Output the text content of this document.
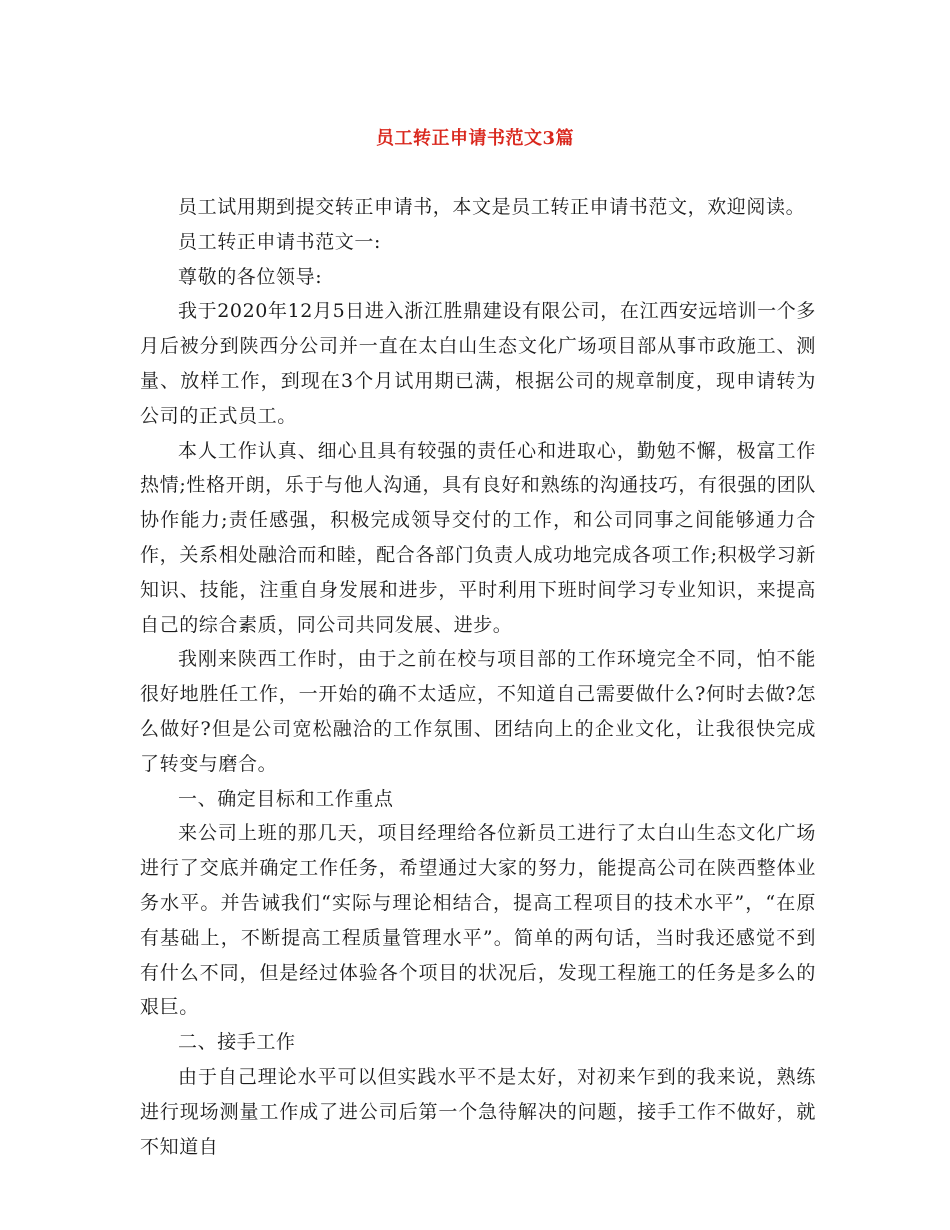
员工转正申请书范文3篇

员工试用期到提交转正申请书，本文是员工转正申请书范文，欢迎阅读。

员工转正申请书范文一:

尊敬的各位领导:

我于2020年12月5日进入浙江胜鼎建设有限公司，在江西安远培训一个多月后被分到陕西分公司并一直在太白山生态文化广场项目部从事市政施工、测量、放样工作，到现在3个月试用期已满，根据公司的规章制度，现申请转为公司的正式员工。

本人工作认真、细心且具有较强的责任心和进取心，勤勉不懈，极富工作热情;性格开朗，乐于与他人沟通，具有良好和熟练的沟通技巧，有很强的团队协作能力;责任感强，积极完成领导交付的工作，和公司同事之间能够通力合作，关系相处融洽而和睦，配合各部门负责人成功地完成各项工作;积极学习新知识、技能，注重自身发展和进步，平时利用下班时间学习专业知识，来提高自己的综合素质，同公司共同发展、进步。

我刚来陕西工作时，由于之前在校与项目部的工作环境完全不同，怕不能很好地胜任工作，一开始的确不太适应，不知道自己需要做什么?何时去做?怎么做好?但是公司宽松融洽的工作氛围、团结向上的企业文化，让我很快完成了转变与磨合。

一、确定目标和工作重点

来公司上班的那几天，项目经理给各位新员工进行了太白山生态文化广场进行了交底并确定工作任务，希望通过大家的努力，能提高公司在陕西整体业务水平。并告诫我们“实际与理论相结合，提高工程项目的技术水平”，“在原有基础上，不断提高工程质量管理水平”。简单的两句话，当时我还感觉不到有什么不同，但是经过体验各个项目的状况后，发现工程施工的任务是多么的艰巨。

二、接手工作

由于自己理论水平可以但实践水平不是太好，对初来乍到的我来说，熟练进行现场测量工作成了进公司后第一个急待解决的问题，接手工作不做好，就不知道自
